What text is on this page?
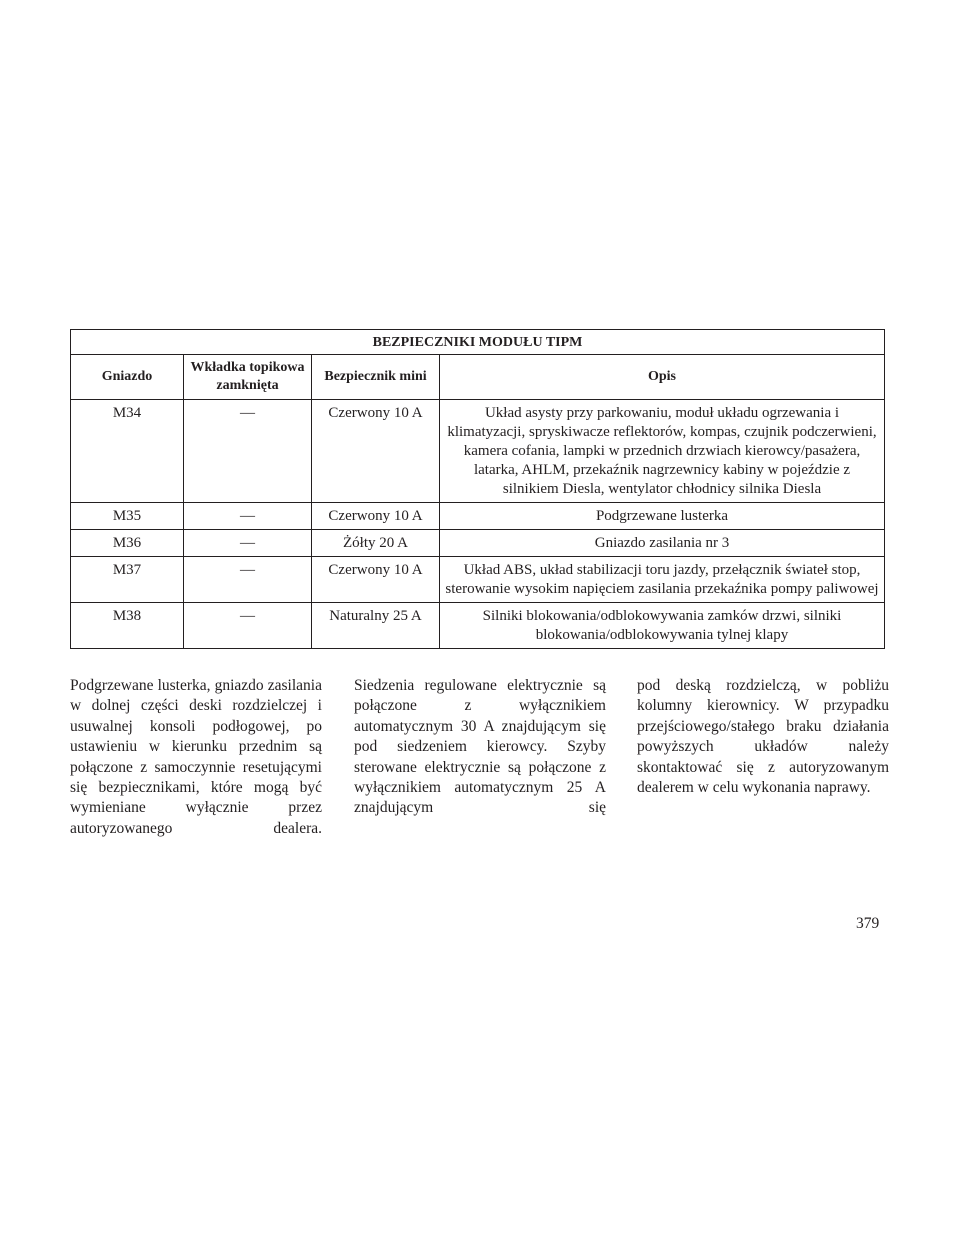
BEZPIECZNIKI MODUŁU TIPM			
Gniazdo	Wkładka topikowa zamknięta	Bezpiecznik mini	Opis
M34	—	Czerwony 10 A	Układ asysty przy parkowaniu, moduł układu ogrzewania i klimatyzacji, spryskiwacze reflektorów, kompas, czujnik podczerwieni, kamera cofania, lampki w przednich drzwiach kierowcy/pasażera, latarka, AHLM, przekaźnik nagrzewnicy kabiny w pojeździe z silnikiem Diesla, wentylator chłodnicy silnika Diesla
M35	—	Czerwony 10 A	Podgrzewane lusterka
M36	—	Żółty 20 A	Gniazdo zasilania nr 3
M37	—	Czerwony 10 A	Układ ABS, układ stabilizacji toru jazdy, przełącznik świateł stop, sterowanie wysokim napięciem zasilania przekaźnika pompy paliwowej
M38	—	Naturalny 25 A	Silniki blokowania/odblokowywania zamków drzwi, silniki blokowania/odblokowywania tylnej klapy

Podgrzewane lusterka, gniazdo zasilania w dolnej części deski rozdzielczej i usuwalnej konsoli podłogowej, po ustawieniu w kierunku przednim są połączone z samoczynnie resetującymi się bezpiecznikami, które mogą być wymieniane wyłącznie przez autoryzowanego dealera.

Siedzenia regulowane elektrycznie są połączone z wyłącznikiem automatycznym 30 A znajdującym się pod siedzeniem kierowcy. Szyby sterowane elektrycznie są połączone z wyłącznikiem automatycznym 25 A znajdującym się

pod deską rozdzielczą, w pobliżu kolumny kierownicy. W przypadku przejściowego/stałego braku działania powyższych układów należy skontaktować się z autoryzowanym dealerem w celu wykonania naprawy.

379
